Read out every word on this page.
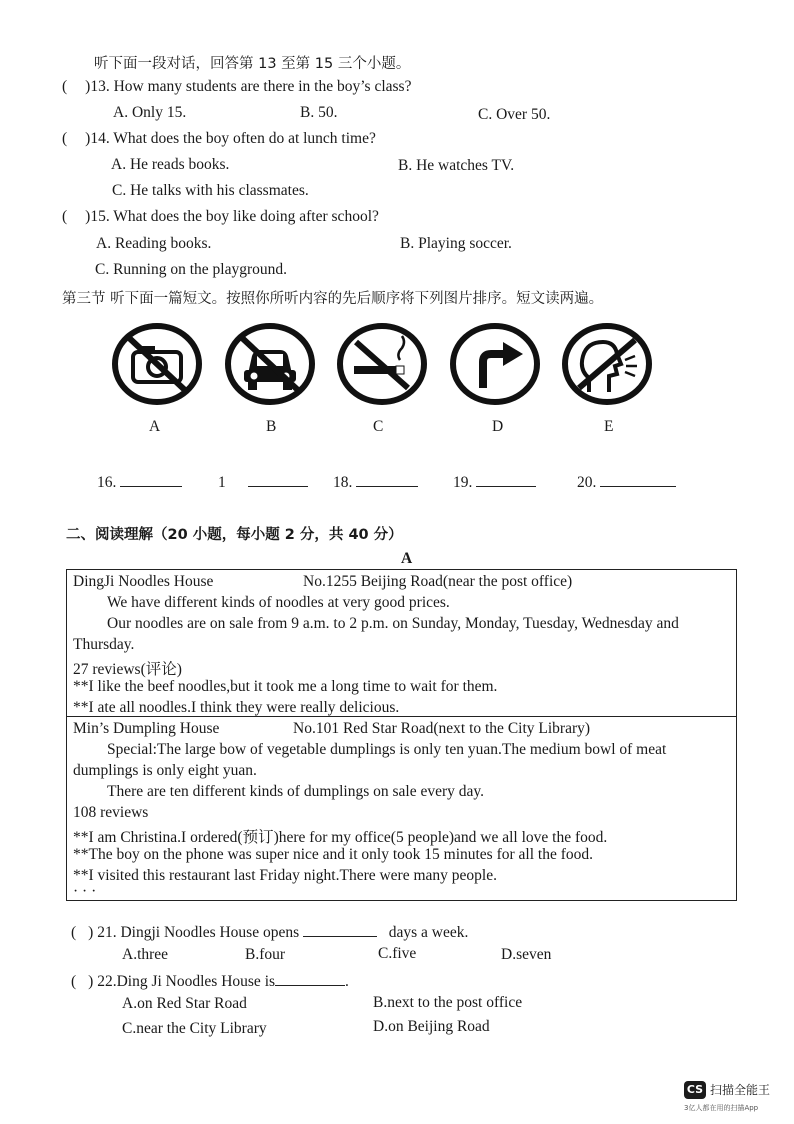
听下面一段对话，回答第 13 至第 15 三个小题。
( )13. How many students are there in the boy’s class?
A. Only 15.	B. 50.	C. Over 50.
( )14. What does the boy often do at lunch time?
A. He reads books.	B. He watches TV.
C. He talks with his classmates.
( )15. What does the boy like doing after school?
A. Reading books.	B. Playing soccer.
C. Running on the playground.
第三节 听下面一篇短文。按照你所听内容的先后顺序将下列图片排序。短文读两遍。
A	B	C	D	E
16.	1	18.	19.	20.
二、阅读理解（20 小题，每小题 2 分，共 40 分）
A
DingJi Noodles House	No.1255 Beijing Road(near the post office)
We have different kinds of noodles at very good prices.
Our noodles are on sale from 9 a.m. to 2 p.m. on Sunday, Monday, Tuesday, Wednesday and
Thursday.
27 reviews(评论)
**I like the beef noodles,but it took me a long time to wait for them.
**I ate all noodles.I think they were really delicious.
Min’s Dumpling House	No.101 Red Star Road(next to the City Library)
Special:The large bow of vegetable dumplings is only ten yuan.The medium bowl of meat
dumplings is only eight yuan.
There are ten different kinds of dumplings on sale every day.
108 reviews
**I am Christina.I ordered(预订)here for my office(5 people)and we all love the food.
**The boy on the phone was super nice and it only took 15 minutes for all the food.
**I visited this restaurant last Friday night.There were many people.
· · ·
( ) 21. Dingji Noodles House opens	days a week.
A.three	B.four	C.five	D.seven
( ) 22.Ding Ji Noodles House is	.
A.on Red Star Road	B.next to the post office
C.near the City Library	D.on Beijing Road
CS 扫描全能王
3亿人都在用的扫描App
